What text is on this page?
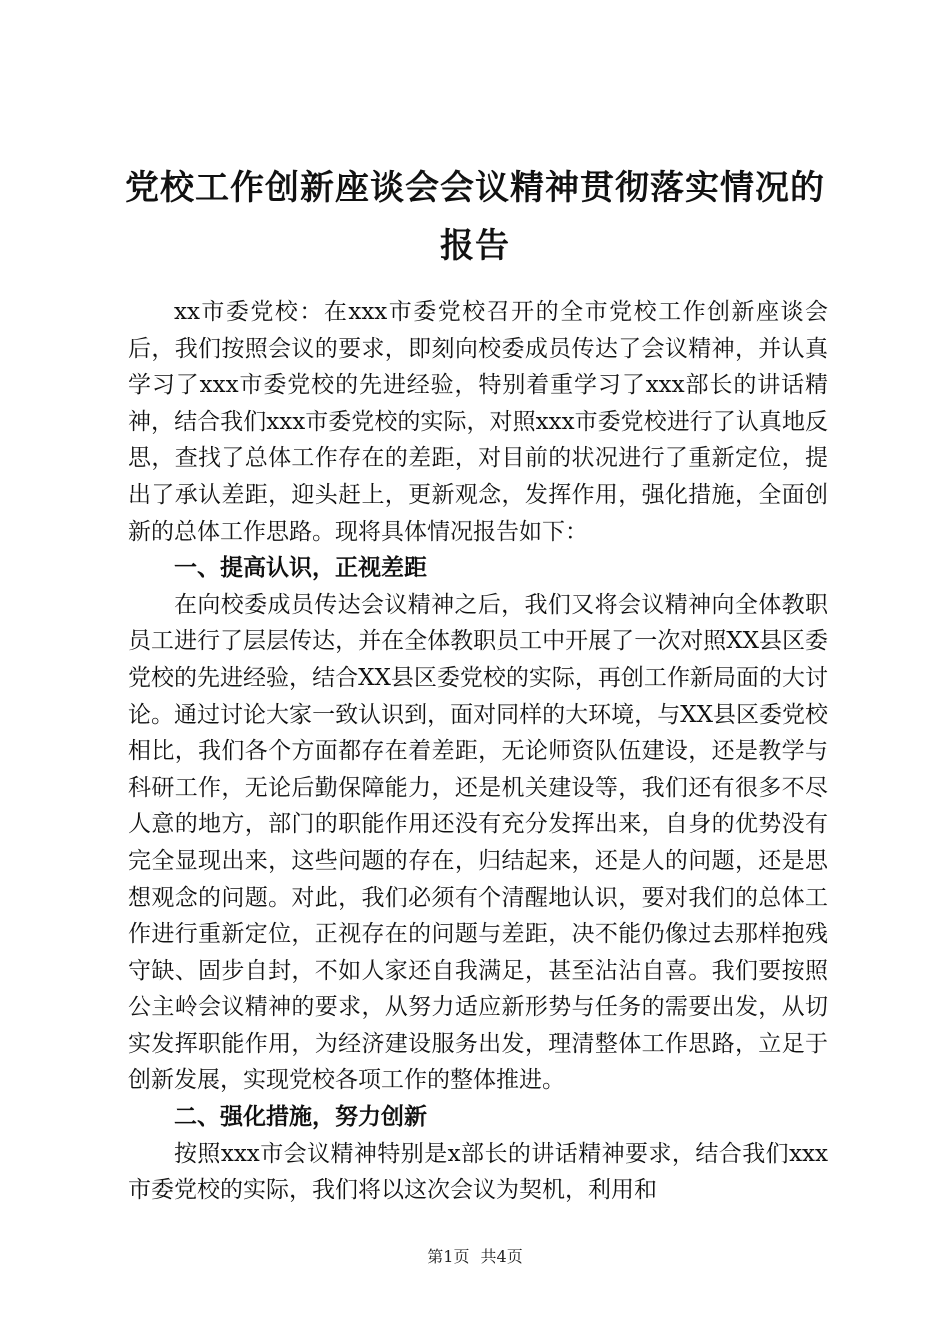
党校工作创新座谈会会议精神贯彻落实情况的
报告

xx市委党校：在xxx市委党校召开的全市党校工作创新座谈会后，我们按照会议的要求，即刻向校委成员传达了会议精神，并认真学习了xxx市委党校的先进经验，特别着重学习了xxx部长的讲话精神，结合我们xxx市委党校的实际，对照xxx市委党校进行了认真地反思，查找了总体工作存在的差距，对目前的状况进行了重新定位，提出了承认差距，迎头赶上，更新观念，发挥作用，强化措施，全面创新的总体工作思路。现将具体情况报告如下：

一、提高认识，正视差距

在向校委成员传达会议精神之后，我们又将会议精神向全体教职员工进行了层层传达，并在全体教职员工中开展了一次对照XX县区委党校的先进经验，结合XX县区委党校的实际，再创工作新局面的大讨论。通过讨论大家一致认识到，面对同样的大环境，与XX县区委党校相比，我们各个方面都存在着差距，无论师资队伍建设，还是教学与科研工作，无论后勤保障能力，还是机关建设等，我们还有很多不尽人意的地方，部门的职能作用还没有充分发挥出来，自身的优势没有完全显现出来，这些问题的存在，归结起来，还是人的问题，还是思想观念的问题。对此，我们必须有个清醒地认识，要对我们的总体工作进行重新定位，正视存在的问题与差距，决不能仍像过去那样抱残守缺、固步自封，不如人家还自我满足，甚至沾沾自喜。我们要按照公主岭会议精神的要求，从努力适应新形势与任务的需要出发，从切实发挥职能作用，为经济建设服务出发，理清整体工作思路，立足于创新发展，实现党校各项工作的整体推进。

二、强化措施，努力创新

按照xxx市会议精神特别是x部长的讲话精神要求，结合我们xxx市委党校的实际，我们将以这次会议为契机，利用和

第1页 共4页
